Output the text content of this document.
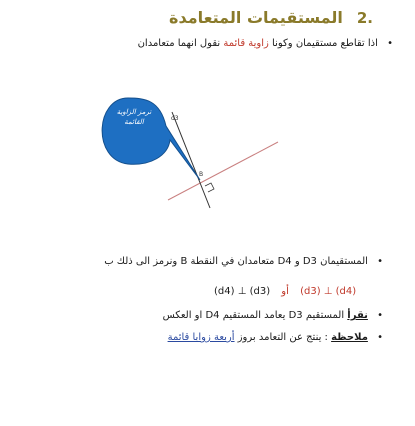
.2
المستقيمات المتعامدة
• اذا تقاطع مستقيمان وكونا زاوية قائمة نقول انهما متعامدان
d3
B
ترمز الزاوية القائمة
• المستقيمان D3 و D4 متعامدان في النقطة B ونرمز الى ذلك ب
(d4) ⊥ (d3) أو (d3) ⊥ (d4)
• نقرأ المستقيم D3 يعامد المستقيم D4 او العكس
• ملاحظة : ينتج عن التعامد بروز أربعة زوايا قائمة
